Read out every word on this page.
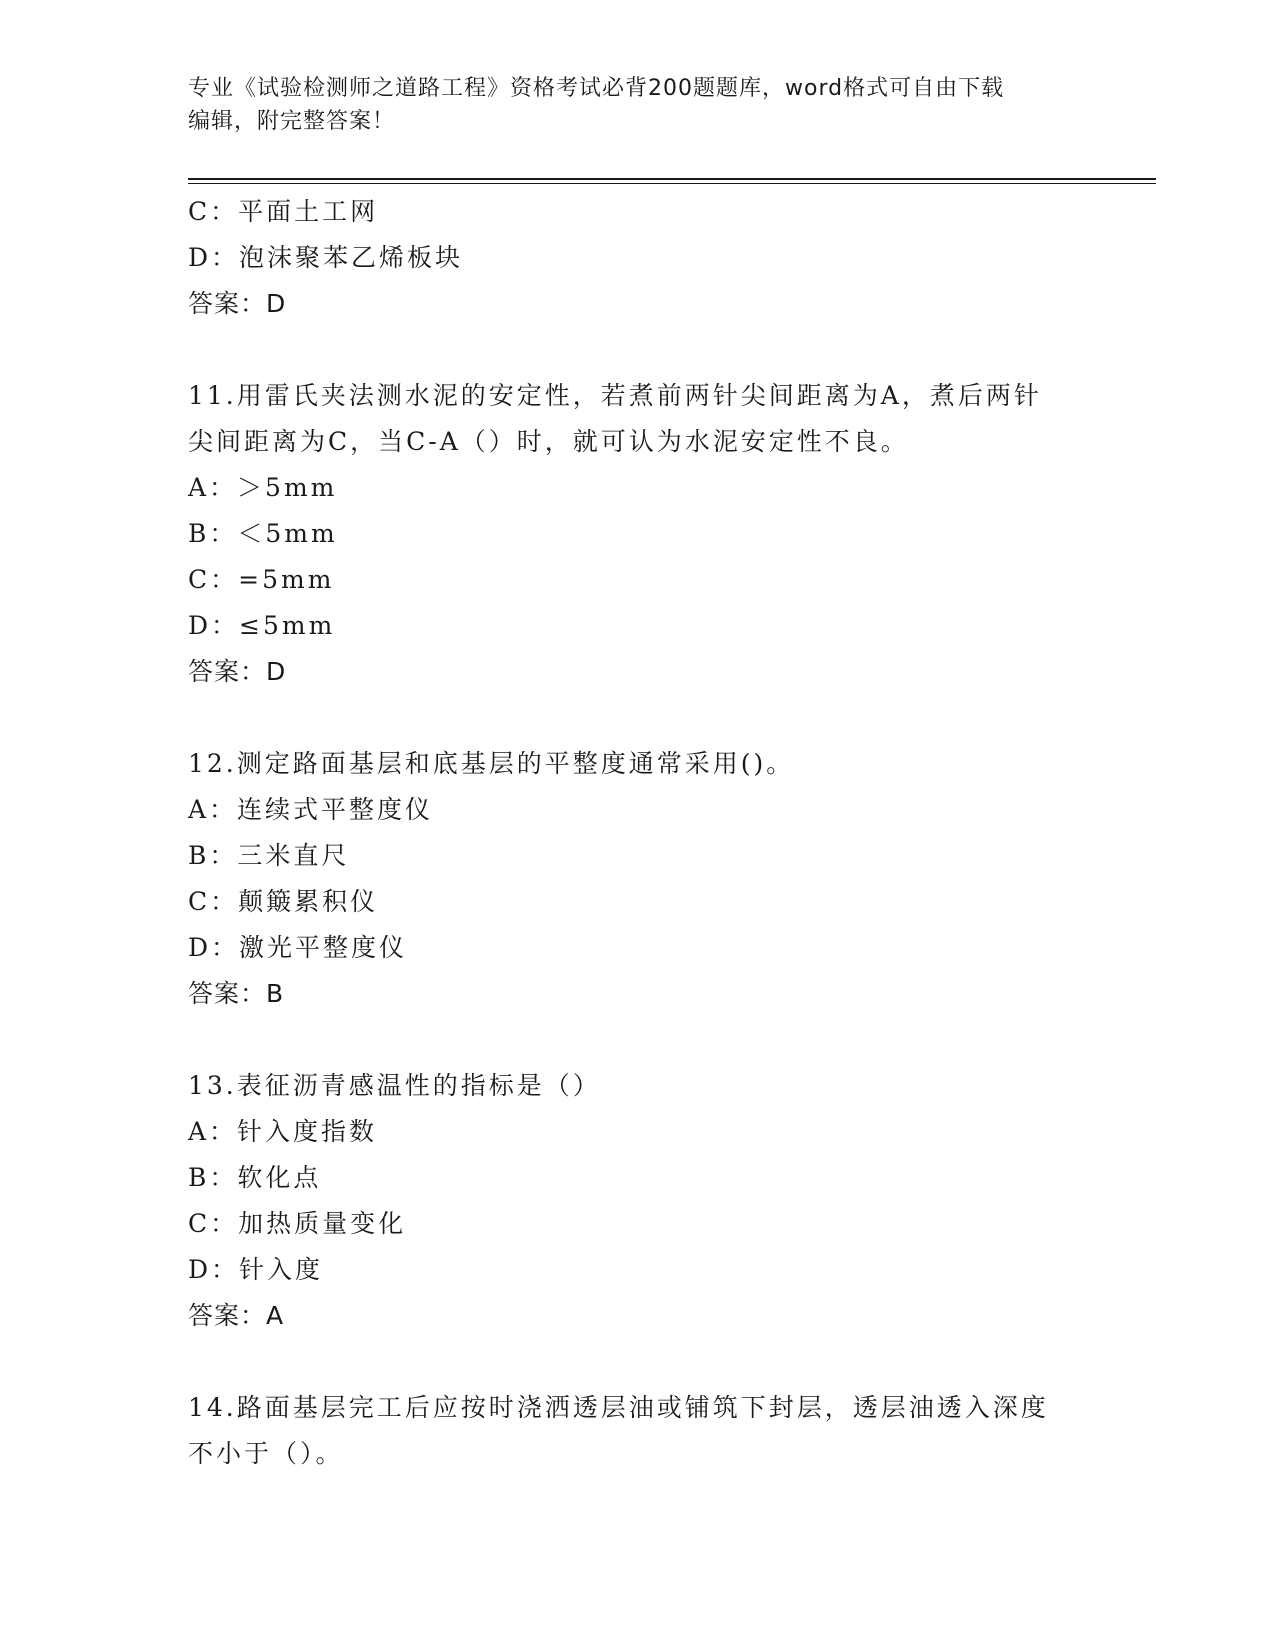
专业《试验检测师之道路工程》资格考试必背200题题库，word格式可自由下载
编辑，附完整答案！
C：平面土工网
D：泡沫聚苯乙烯板块
答案：D
11.用雷氏夹法测水泥的安定性，若煮前两针尖间距离为A，煮后两针
尖间距离为C，当C-A（）时，就可认为水泥安定性不良。
A：＞5mm
B：＜5mm
C：=5mm
D：≤5mm
答案：D
12.测定路面基层和底基层的平整度通常采用()。
A：连续式平整度仪
B：三米直尺
C：颠簸累积仪
D：激光平整度仪
答案：B
13.表征沥青感温性的指标是（）
A：针入度指数
B：软化点
C：加热质量变化
D：针入度
答案：A
14.路面基层完工后应按时浇洒透层油或铺筑下封层，透层油透入深度
不小于（）。
